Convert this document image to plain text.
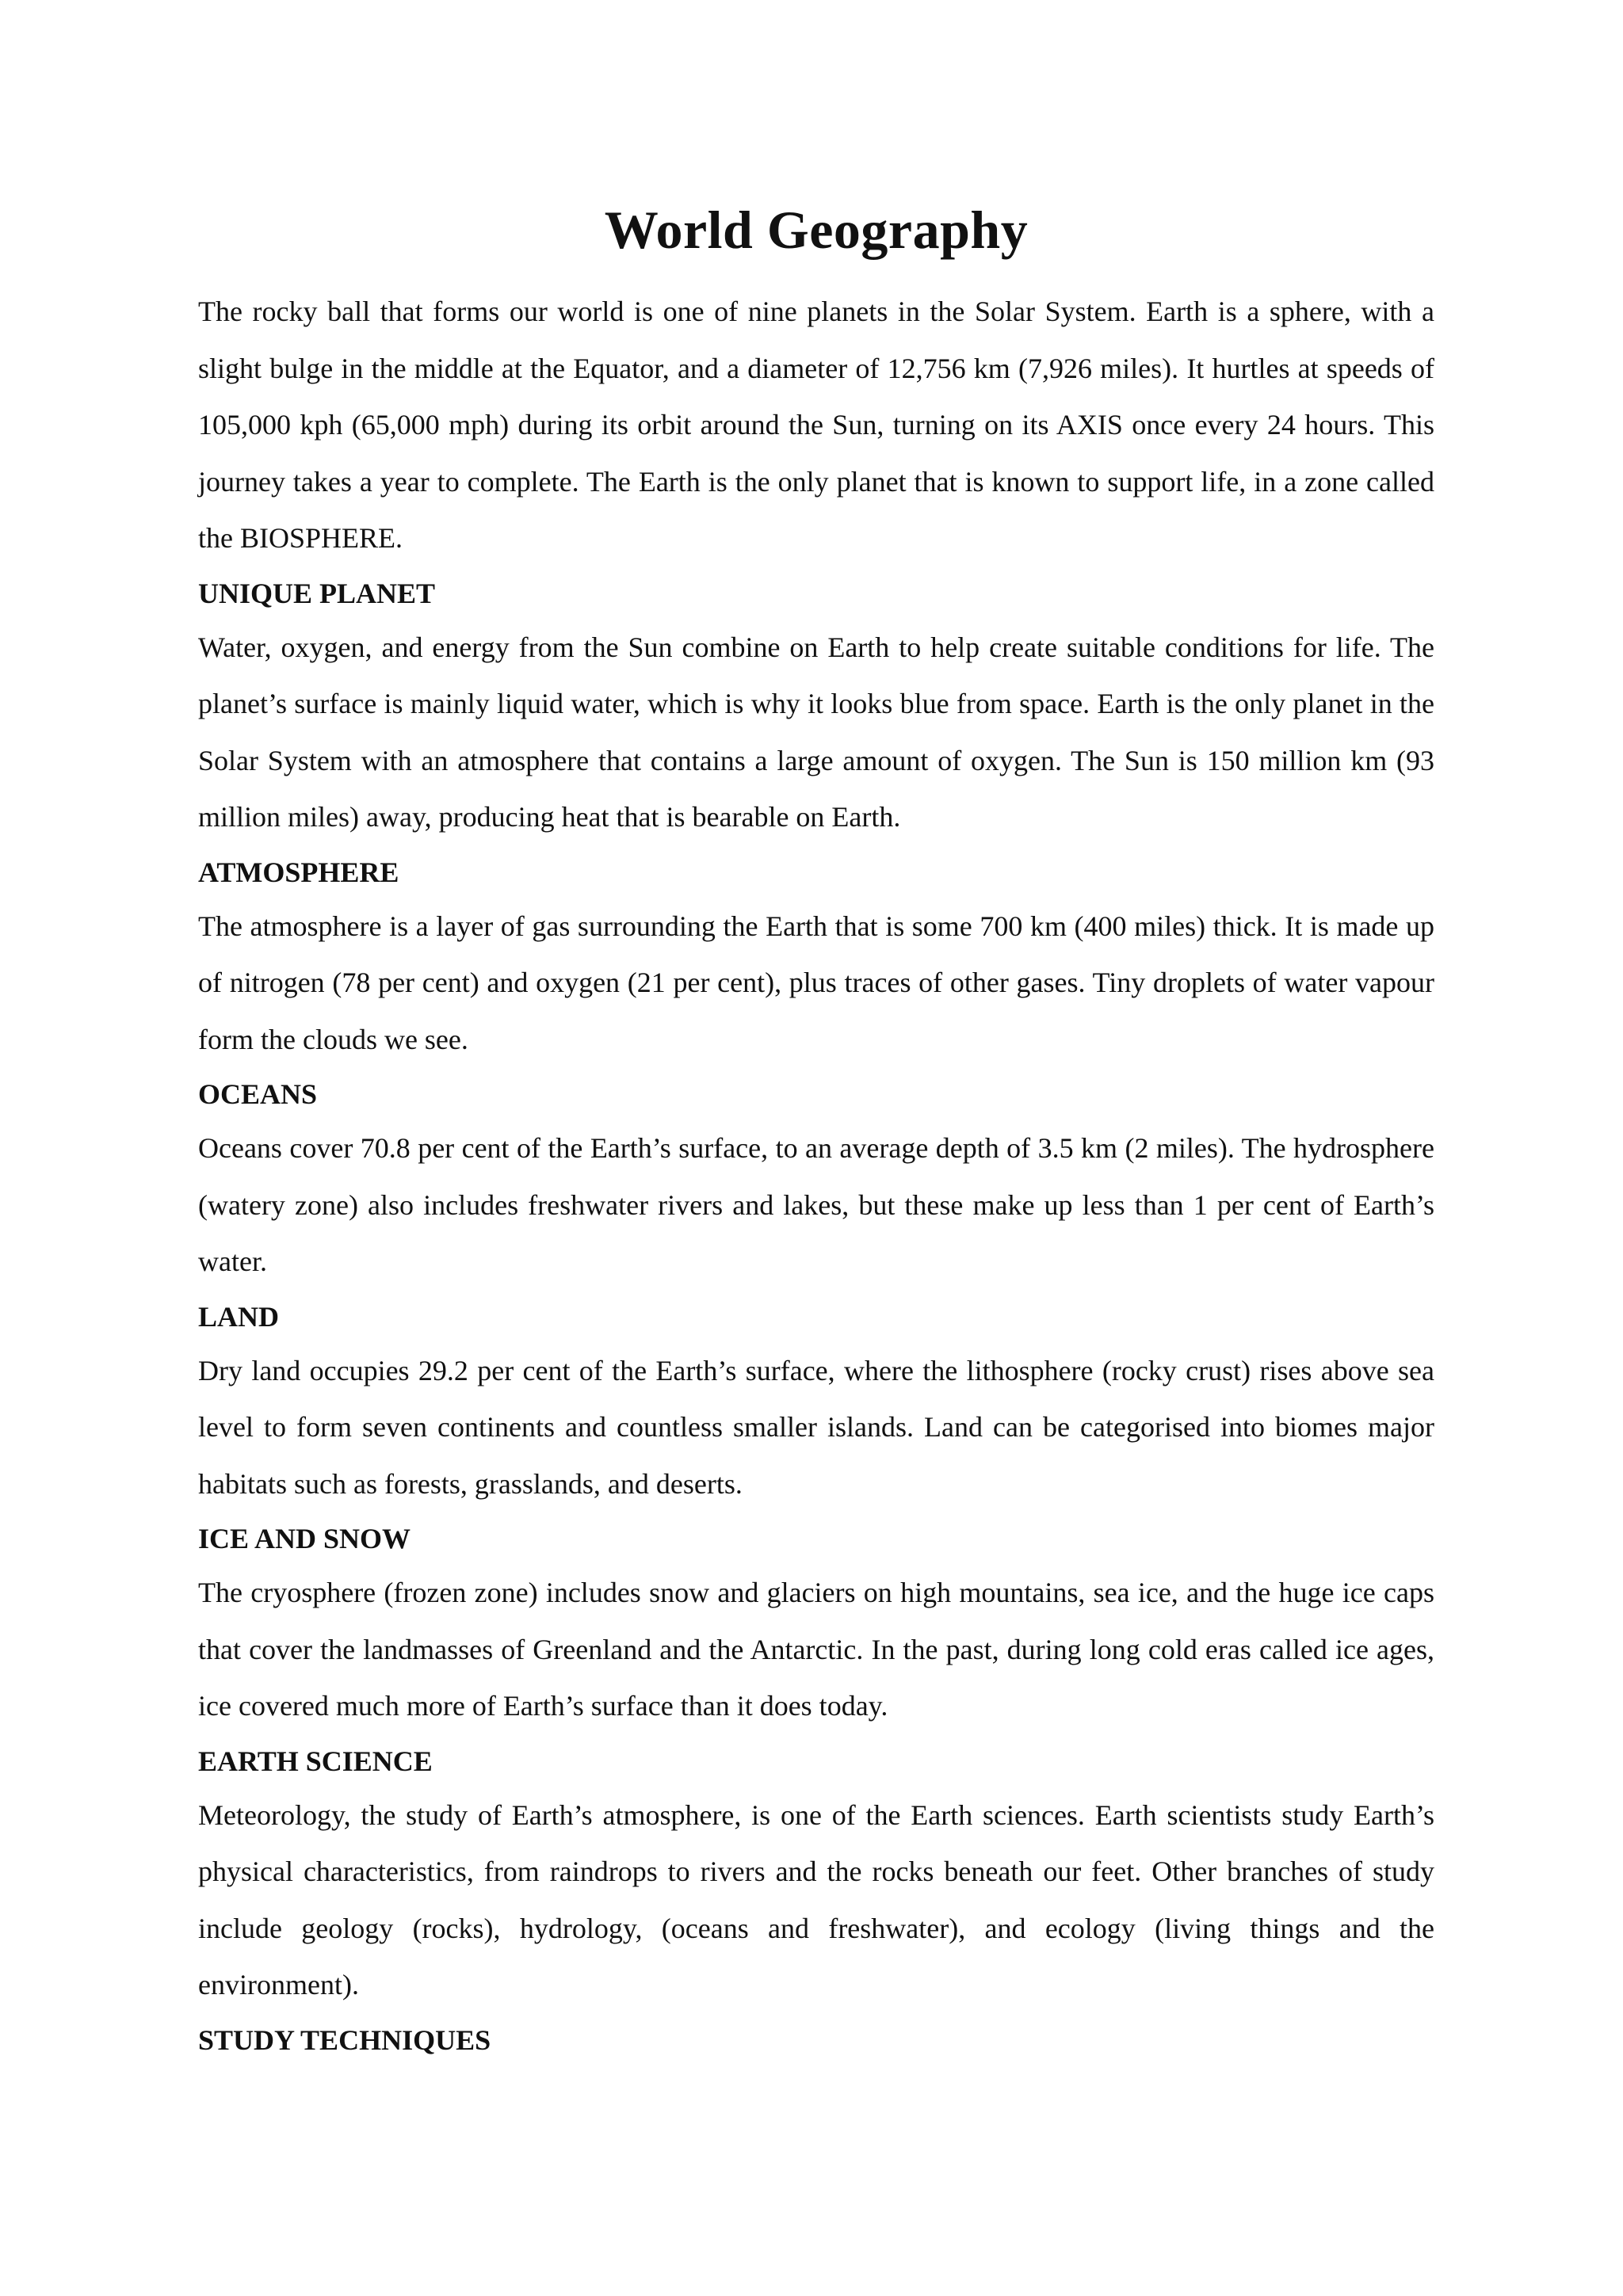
World Geography

The rocky ball that forms our world is one of nine planets in the Solar System. Earth is a sphere, with a slight bulge in the middle at the Equator, and a diameter of 12,756 km (7,926 miles). It hurtles at speeds of 105,000 kph (65,000 mph) during its orbit around the Sun, turning on its AXIS once every 24 hours. This journey takes a year to complete. The Earth is the only planet that is known to support life, in a zone called the BIOSPHERE.

UNIQUE PLANET

Water, oxygen, and energy from the Sun combine on Earth to help create suitable conditions for life. The planet’s surface is mainly liquid water, which is why it looks blue from space. Earth is the only planet in the Solar System with an atmosphere that contains a large amount of oxygen. The Sun is 150 million km (93 million miles) away, producing heat that is bearable on Earth.

ATMOSPHERE

The atmosphere is a layer of gas surrounding the Earth that is some 700 km (400 miles) thick. It is made up of nitrogen (78 per cent) and oxygen (21 per cent), plus traces of other gases. Tiny droplets of water vapour form the clouds we see.

OCEANS

Oceans cover 70.8 per cent of the Earth’s surface, to an average depth of 3.5 km (2 miles). The hydrosphere (watery zone) also includes freshwater rivers and lakes, but these make up less than 1 per cent of Earth’s water.

LAND

Dry land occupies 29.2 per cent of the Earth’s surface, where the lithosphere (rocky crust) rises above sea level to form seven continents and countless smaller islands. Land can be categorised into biomes major habitats such as forests, grasslands, and deserts.

ICE AND SNOW

The cryosphere (frozen zone) includes snow and glaciers on high mountains, sea ice, and the huge ice caps that cover the landmasses of Greenland and the Antarctic. In the past, during long cold eras called ice ages, ice covered much more of Earth’s surface than it does today.

EARTH SCIENCE

Meteorology, the study of Earth’s atmosphere, is one of the Earth sciences. Earth scientists study Earth’s physical characteristics, from raindrops to rivers and the rocks beneath our feet. Other branches of study include geology (rocks), hydrology, (oceans and freshwater), and ecology (living things and the environment).

STUDY TECHNIQUES
